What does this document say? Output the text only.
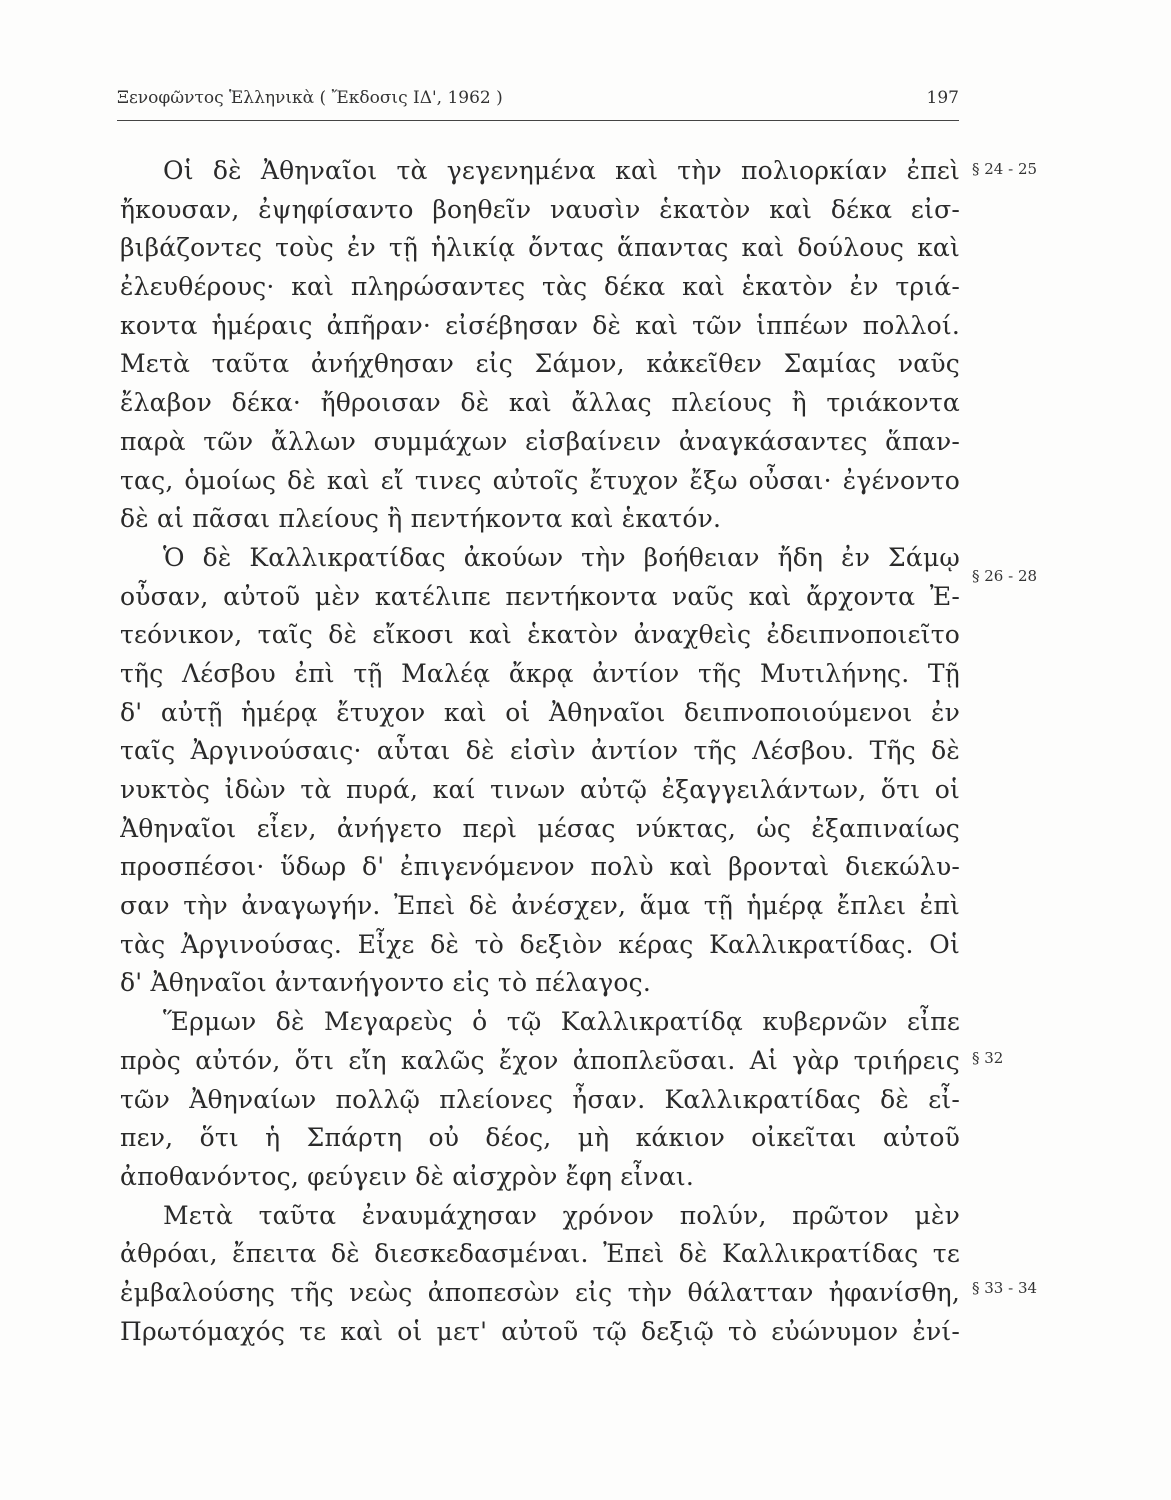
Ξενοφῶντος Ἑλληνικὰ ( Ἔκδοσις ΙΔ', 1962 )	197
§ 24 - 25
§ 26 - 28
§ 32
§ 33 - 34
Οἱ δὲ Ἀθηναῖοι τὰ γεγενημένα καὶ τὴν πολιορκίαν ἐπεὶ
ἤκουσαν, ἐψηφίσαντο βοηθεῖν ναυσὶν ἑκατὸν καὶ δέκα εἰσ-
βιβάζοντες τοὺς ἐν τῇ ἡλικίᾳ ὄντας ἅπαντας καὶ δούλους καὶ
ἐλευθέρους· καὶ πληρώσαντες τὰς δέκα καὶ ἑκατὸν ἐν τριά-
κοντα ἡμέραις ἀπῆραν· εἰσέβησαν δὲ καὶ τῶν ἱππέων πολλοί.
Μετὰ ταῦτα ἀνήχθησαν εἰς Σάμον, κἀκεῖθεν Σαμίας ναῦς
ἔλαβον δέκα· ἤθροισαν δὲ καὶ ἄλλας πλείους ἢ τριάκοντα
παρὰ τῶν ἄλλων συμμάχων εἰσβαίνειν ἀναγκάσαντες ἅπαν-
τας, ὁμοίως δὲ καὶ εἴ τινες αὐτοῖς ἔτυχον ἔξω οὖσαι· ἐγένοντο
δὲ αἱ πᾶσαι πλείους ἢ πεντήκοντα καὶ ἑκατόν.
Ὁ δὲ Καλλικρατίδας ἀκούων τὴν βοήθειαν ἤδη ἐν Σάμῳ
οὖσαν, αὐτοῦ μὲν κατέλιπε πεντήκοντα ναῦς καὶ ἄρχοντα Ἐ-
τεόνικον, ταῖς δὲ εἴκοσι καὶ ἑκατὸν ἀναχθεὶς ἐδειπνοποιεῖτο
τῆς Λέσβου ἐπὶ τῇ Μαλέᾳ ἄκρᾳ ἀντίον τῆς Μυτιλήνης. Τῇ
δ' αὐτῇ ἡμέρᾳ ἔτυχον καὶ οἱ Ἀθηναῖοι δειπνοποιούμενοι ἐν
ταῖς Ἀργινούσαις· αὗται δὲ εἰσὶν ἀντίον τῆς Λέσβου. Τῆς δὲ
νυκτὸς ἰδὼν τὰ πυρά, καί τινων αὐτῷ ἐξαγγειλάντων, ὅτι οἱ
Ἀθηναῖοι εἶεν, ἀνήγετο περὶ μέσας νύκτας, ὡς ἐξαπιναίως
προσπέσοι· ὕδωρ δ' ἐπιγενόμενον πολὺ καὶ βρονταὶ διεκώλυ-
σαν τὴν ἀναγωγήν. Ἐπεὶ δὲ ἀνέσχεν, ἅμα τῇ ἡμέρᾳ ἔπλει ἐπὶ
τὰς Ἀργινούσας. Εἶχε δὲ τὸ δεξιὸν κέρας Καλλικρατίδας. Οἱ
δ' Ἀθηναῖοι ἀντανήγοντο εἰς τὸ πέλαγος.
Ἕρμων δὲ Μεγαρεὺς ὁ τῷ Καλλικρατίδᾳ κυβερνῶν εἶπε
πρὸς αὐτόν, ὅτι εἴη καλῶς ἔχον ἀποπλεῦσαι. Αἱ γὰρ τριήρεις
τῶν Ἀθηναίων πολλῷ πλείονες ἦσαν. Καλλικρατίδας δὲ εἶ-
πεν, ὅτι ἡ Σπάρτη οὐ δέος, μὴ κάκιον οἰκεῖται αὐτοῦ
ἀποθανόντος, φεύγειν δὲ αἰσχρὸν ἔφη εἶναι.
Μετὰ ταῦτα ἐναυμάχησαν χρόνον πολύν, πρῶτον μὲν
ἀθρόαι, ἔπειτα δὲ διεσκεδασμέναι. Ἐπεὶ δὲ Καλλικρατίδας τε
ἐμβαλούσης τῆς νεὼς ἀποπεσὼν εἰς τὴν θάλατταν ἠφανίσθη,
Πρωτόμαχός τε καὶ οἱ μετ' αὐτοῦ τῷ δεξιῷ τὸ εὐώνυμον ἐνί-
